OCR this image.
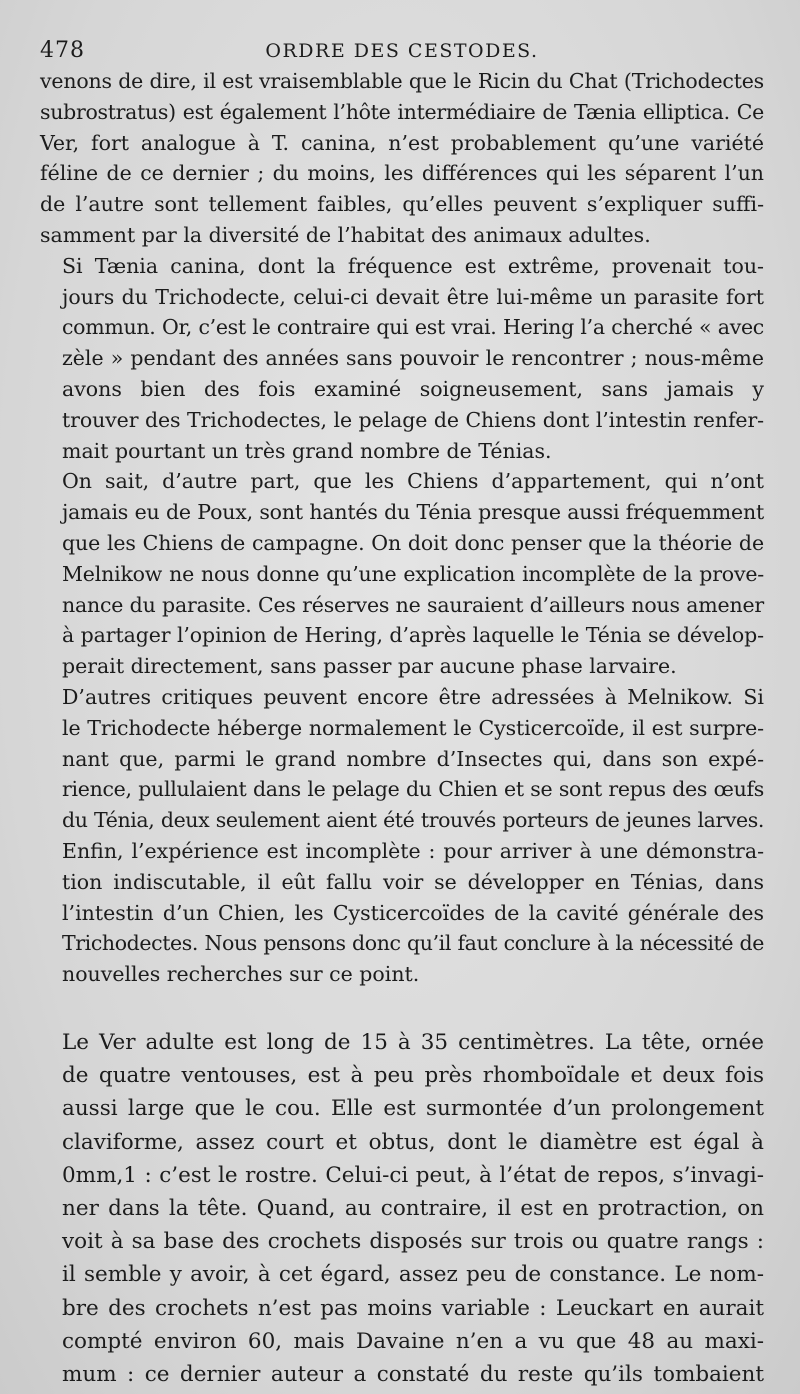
478	ORDRE DES CESTODES.

venons de dire, il est vraisemblable que le Ricin du Chat (Trichodectes
subrostratus) est également l’hôte intermédiaire de Tænia elliptica. Ce
Ver, fort analogue à T. canina, n’est probablement qu’une variété
féline de ce dernier ; du moins, les différences qui les séparent l’un
de l’autre sont tellement faibles, qu’elles peuvent s’expliquer suffi-
samment par la diversité de l’habitat des animaux adultes.

Si Tænia canina, dont la fréquence est extrême, provenait tou-
jours du Trichodecte, celui-ci devait être lui-même un parasite fort
commun. Or, c’est le contraire qui est vrai. Hering l’a cherché « avec
zèle » pendant des années sans pouvoir le rencontrer ; nous-même
avons bien des fois examiné soigneusement, sans jamais y
trouver des Trichodectes, le pelage de Chiens dont l’intestin renfer-
mait pourtant un très grand nombre de Ténias.

On sait, d’autre part, que les Chiens d’appartement, qui n’ont
jamais eu de Poux, sont hantés du Ténia presque aussi fréquemment
que les Chiens de campagne. On doit donc penser que la théorie de
Melnikow ne nous donne qu’une explication incomplète de la prove-
nance du parasite. Ces réserves ne sauraient d’ailleurs nous amener
à partager l’opinion de Hering, d’après laquelle le Ténia se dévelop-
perait directement, sans passer par aucune phase larvaire.

D’autres critiques peuvent encore être adressées à Melnikow. Si
le Trichodecte héberge normalement le Cysticercoïde, il est surpre-
nant que, parmi le grand nombre d’Insectes qui, dans son expé-
rience, pullulaient dans le pelage du Chien et se sont repus des œufs
du Ténia, deux seulement aient été trouvés porteurs de jeunes larves.
Enfin, l’expérience est incomplète : pour arriver à une démonstra-
tion indiscutable, il eût fallu voir se développer en Ténias, dans
l’intestin d’un Chien, les Cysticercoïdes de la cavité générale des
Trichodectes. Nous pensons donc qu’il faut conclure à la nécessité de
nouvelles recherches sur ce point.

Le Ver adulte est long de 15 à 35 centimètres. La tête, ornée
de quatre ventouses, est à peu près rhomboïdale et deux fois
aussi large que le cou. Elle est surmontée d’un prolongement
claviforme, assez court et obtus, dont le diamètre est égal à
0mm,1 : c’est le rostre. Celui-ci peut, à l’état de repos, s’invagi-
ner dans la tête. Quand, au contraire, il est en protraction, on
voit à sa base des crochets disposés sur trois ou quatre rangs :
il semble y avoir, à cet égard, assez peu de constance. Le nom-
bre des crochets n’est pas moins variable : Leuckart en aurait
compté environ 60, mais Davaine n’en a vu que 48 au maxi-
mum : ce dernier auteur a constaté du reste qu’ils tombaient
